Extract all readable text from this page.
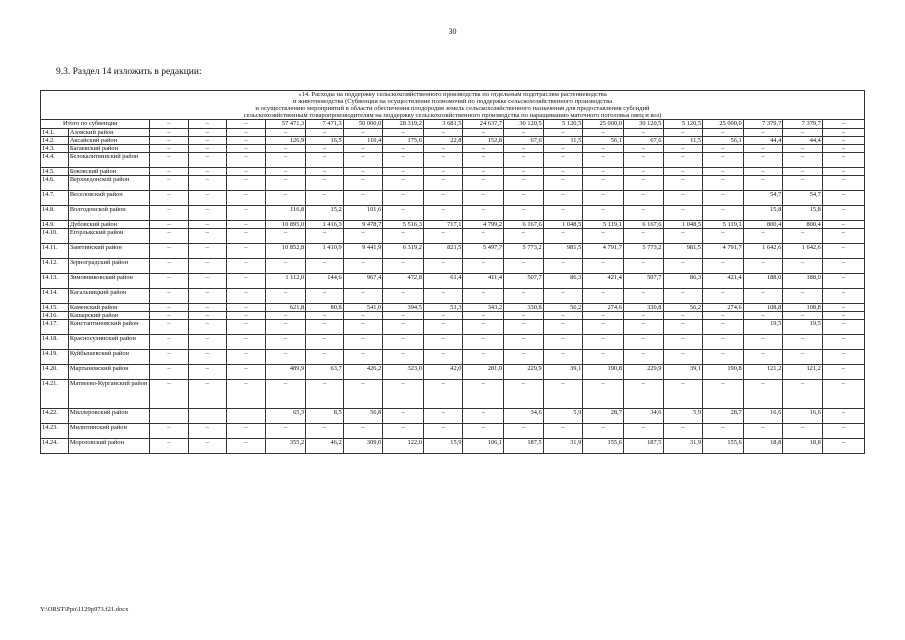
30
9.3. Раздел 14 изложить в редакции:
«14. Расходы на поддержку сельскохозяйственного производства по отдельным подотраслям растениеводства
и животноводства (Субвенция на осуществление полномочий по поддержке сельскохозяйственного производства
и осуществлению мероприятий в области обеспечения плодородия земель сельскохозяйственного назначения для предоставления субсидий
сельскохозяйственным товаропроизводителям на поддержку сельскохозяйственного производства по наращиванию маточного поголовья овец и коз)																			

Итого по субвенции		–	–	–	57 471,3	7 471,3	50 000,0	28 319,2	3 681,5	24 637,7	30 120,5	5 120,5	25 000,0	30 120,5	5 120,5	25 000,0	7 379,7	7 379,7	–
14.1.	Азовский район	–	–	–	–	–	–	–	–	–	–	–	–	–	–	–	–	–	–
14.2.	Аксайский район	–	–	–	126,9	16,5	110,4	175,6	22,8	152,8	67,6	11,5	56,1	67,6	11,5	56,1	44,4	44,4	–
14.3.	Багаевский район	–	–	–	–	–	–	–	–	–	–	–	–	–	–	–	–	–	–
14.4.	Белокалитвинский район	–	–	–	–	–	–	–	–	–	–	–	–	–	–	–	–	–	–
14.5.	Боковский район	–	–	–	–	–	–	–	–	–	–	–	–	–	–	–	–	–	–
14.6.	Верхнедонской район	–	–	–	–	–	–	–	–	–	–	–	–	–	–	–	–	–	–
14.7.	Веселовский район	–	–	–	–	–	–	–	–	–	–	–	–	–	–	–	54,7	54,7	–
14.8.	Волгодонской район	–	–	–	116,8	15,2	101,6	–	–	–	–	–	–	–	–	–	15,8	15,8	–
14.9.	Дубовский район	–	–	–	10 895,0	1 416,3	9 478,7	5 516,3	717,1	4 799,2	6 167,6	1 048,5	5 119,1	6 167,6	1 048,5	5 119,1	800,4	800,4	–
14.10.	Егорлыкский район	–	–	–	–	–	–	–	–	–	–	–	–	–	–	–	–	–	–
14.11.	Заветинский район	–	–	–	10 852,8	1 410,9	9 441,9	6 319,2	821,5	5 497,7	5 773,2	981,5	4 791,7	5 773,2	981,5	4 791,7	1 642,6	1 642,6	–
14.12.	Зерноградский район	–	–	–	–	–	–	–	–	–	–	–	–	–	–	–	–	–	–
14.13.	Зимовниковский район	–	–	–	1 112,0	144,6	967,4	472,8	61,4	411,4	507,7	86,3	421,4	507,7	86,3	421,4	188,0	188,0	–
14.14.	Кагальницкий район	–	–	–	–	–	–	–	–	–	–	–	–	–	–	–	–	–	–
14.15.	Каменский район	–	–	–	621,8	80,8	541,0	394,5	51,3	343,2	330,8	56,2	274,6	330,8	56,2	274,6	108,8	108,8	–
14.16.	Кашарский район	–	–	–	–	–	–	–	–	–	–	–	–	–	–	–	–	–	–
14.17.	Константиновский район	–	–	–	–	–	–	–	–	–	–	–	–	–	–	–	19,5	19,5	–
14.18.	Красносулинский район	–	–	–	–	–	–	–	–	–	–	–	–	–	–	–	–	–	–
14.19.	Куйбышевский район	–	–	–	–	–	–	–	–	–	–	–	–	–	–	–	–	–	–
14.20.	Мартыновский район	–	–	–	489,9	63,7	426,2	323,0	42,0	281,0	229,9	39,1	190,8	229,9	39,1	190,8	121,2	121,2	–
14.21.	Матвеево-Курганский район	–	–	–	–	–	–	–	–	–	–	–	–	–	–	–	–	–	–
14.22.	Миллеровский район				65,3	8,5	56,8	–	–	–	34,6	5,9	28,7	34,6	5,9	28,7	16,6	16,6	–
14.23.	Милютинский район	–	–	–	–	–	–	–	–	–	–	–	–	–	–	–	–	–	–
14.24.	Морозовский район	–	–	–	355,2	46,2	309,0	122,0	15,9	106,1	187,5	31,9	155,6	187,5	31,9	155,6	18,8	18,8	–
Y:\ORST\Ppo\1129p973.f21.docx
